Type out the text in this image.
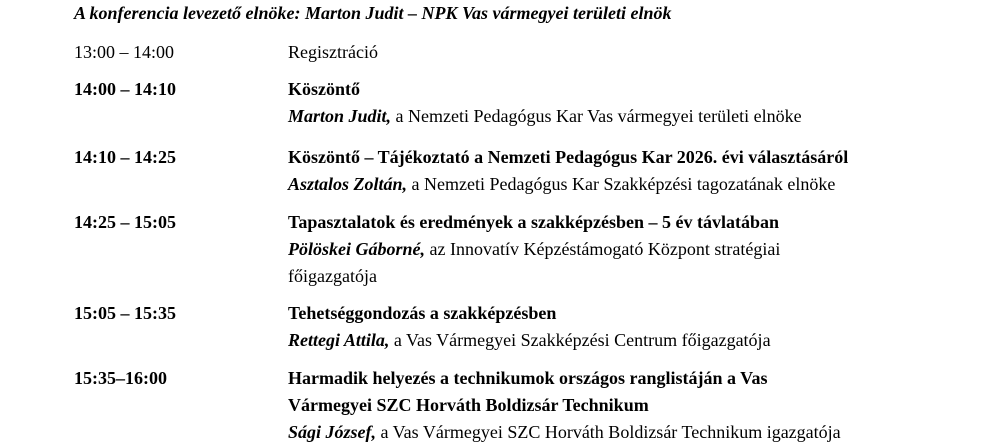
A konferencia levezető elnöke: Marton Judit – NPK Vas vármegyei területi elnök
13:00 – 14:00	Regisztráció
14:00 – 14:10	Köszöntő
Marton Judit, a Nemzeti Pedagógus Kar Vas vármegyei területi elnöke
14:10 – 14:25	Köszöntő – Tájékoztató a Nemzeti Pedagógus Kar 2026. évi választásáról
Asztalos Zoltán, a Nemzeti Pedagógus Kar Szakképzési tagozatának elnöke
14:25 – 15:05	Tapasztalatok és eredmények a szakképzésben – 5 év távlatában
Pölöskei Gáborné, az Innovatív Képzéstámogató Központ stratégiai
főigazgatója
15:05 – 15:35	Tehetséggondozás a szakképzésben
Rettegi Attila, a Vas Vármegyei Szakképzési Centrum főigazgatója
15:35–16:00	Harmadik helyezés a technikumok országos ranglistáján a Vas
Vármegyei SZC Horváth Boldizsár Technikum
Sági József, a Vas Vármegyei SZC Horváth Boldizsár Technikum igazgatója
